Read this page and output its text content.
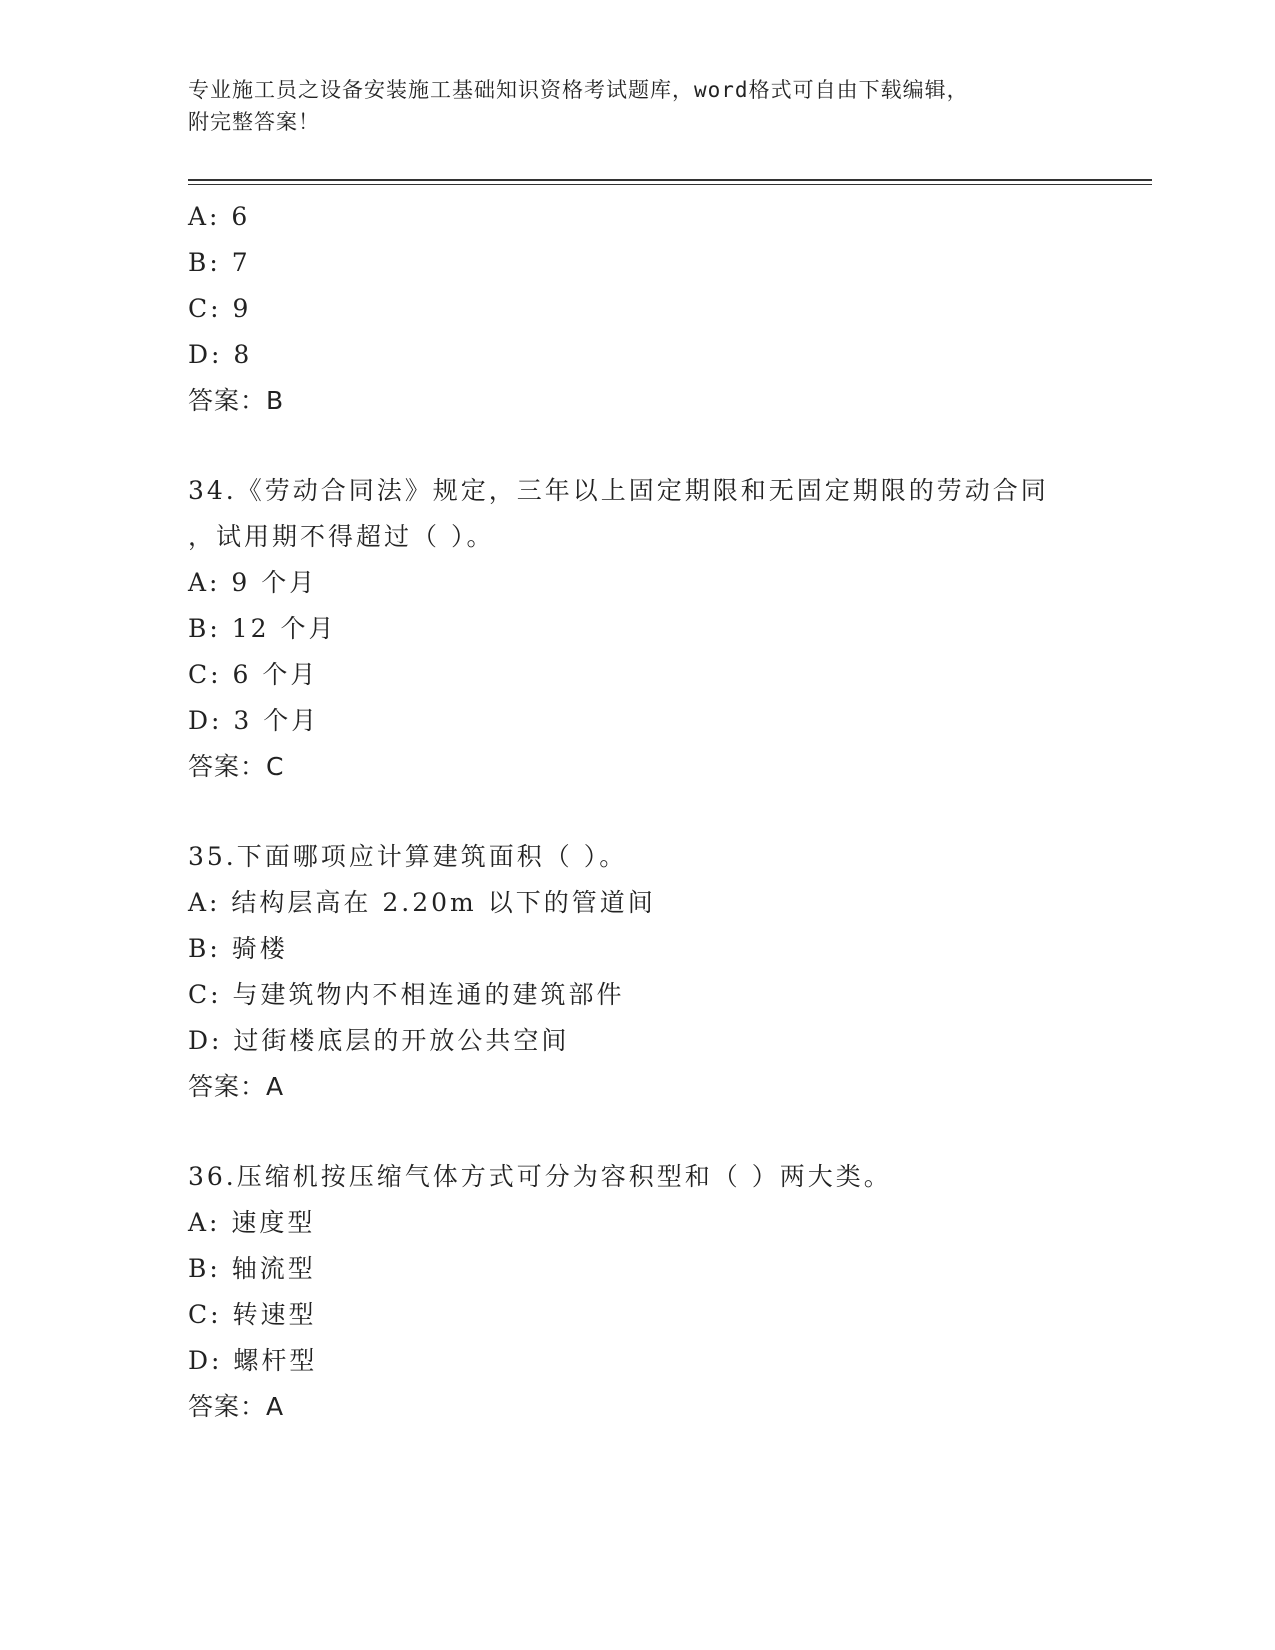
专业施工员之设备安装施工基础知识资格考试题库，word格式可自由下载编辑，
附完整答案！
A: 6
B: 7
C: 9
D: 8
答案：B
34.《劳动合同法》规定，三年以上固定期限和无固定期限的劳动合同
，试用期不得超过（ ）。
A: 9 个月
B: 12 个月
C: 6 个月
D: 3 个月
答案：C
35.下面哪项应计算建筑面积（ ）。
A: 结构层高在 2.20m 以下的管道间
B: 骑楼
C: 与建筑物内不相连通的建筑部件
D: 过街楼底层的开放公共空间
答案：A
36.压缩机按压缩气体方式可分为容积型和（ ）两大类。
A: 速度型
B: 轴流型
C: 转速型
D: 螺杆型
答案：A
